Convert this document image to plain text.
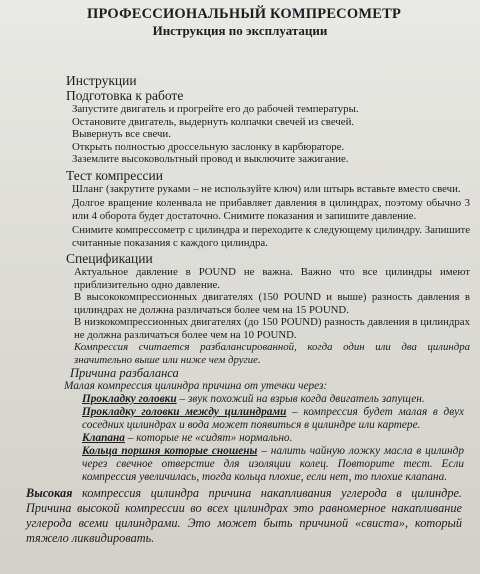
ПРОФЕССИОНАЛЬНЫЙ КОМПРЕСОМЕТР
Инструкция по эксплуатации
Инструкции
Подготовка к работе
Запустите двигатель и прогрейте его до рабочей температуры.
Остановите двигатель, выдернуть колпачки свечей из свечей.
Вывернуть все свечи.
Открыть полностью дроссельную заслонку в карбюраторе.
Заземлите высоковольтный провод и выключите зажигание.
Тест компрессии
Шланг (закрутите руками – не используйте ключ) или штырь вставьте вместо свечи.
Долгое вращение коленвала не прибавляет давления в цилиндрах, поэтому обычно 3 или 4 оборота будет достаточно. Снимите показания и запишите давление.
Снимите компрессометр с цилиндра и переходите к следующему цилиндру. Запишите считанные показания с каждого цилиндра.
Спецификации
Актуальное давление в POUND не важна. Важно что все цилиндры имеют приблизительно одно давление.
В высококомпрессионных двигателях (150 POUND и выше) разность давления в цилиндрах не должна различаться более чем на 15 POUND.
В низкокомпрессионных двигателях (до 150 POUND) разность давления в цилиндрах не должна различаться более чем на 10 POUND.
Компрессия считается разбалансированной, когда один или два цилиндра значительно выше или ниже чем другие.
Причина разбаланса
Малая компрессия цилиндра причина от утечки через:
Прокладку головки – звук похожий на взрыв когда двигатель запущен.
Прокладку головки между цилиндрами – компрессия будет малая в двух соседних цилиндрах и вода может появиться в цилиндре или картере.
Клапана – которые не «сидят» нормально.
Кольца поршня которые сношены – налить чайную ложку масла в цилиндр через свечное отверстие для изоляции колец. Повторите тест. Если компрессия увеличилась, тогда кольца плохие, если нет, то плохие клапана.
Высокая компрессия цилиндра причина накапливания углерода в цилиндре. Причина высокой компрессии во всех цилиндрах это равномерное накапливание углерода всеми цилиндрами. Это может быть причиной «свиста», который тяжело ликвидировать.
